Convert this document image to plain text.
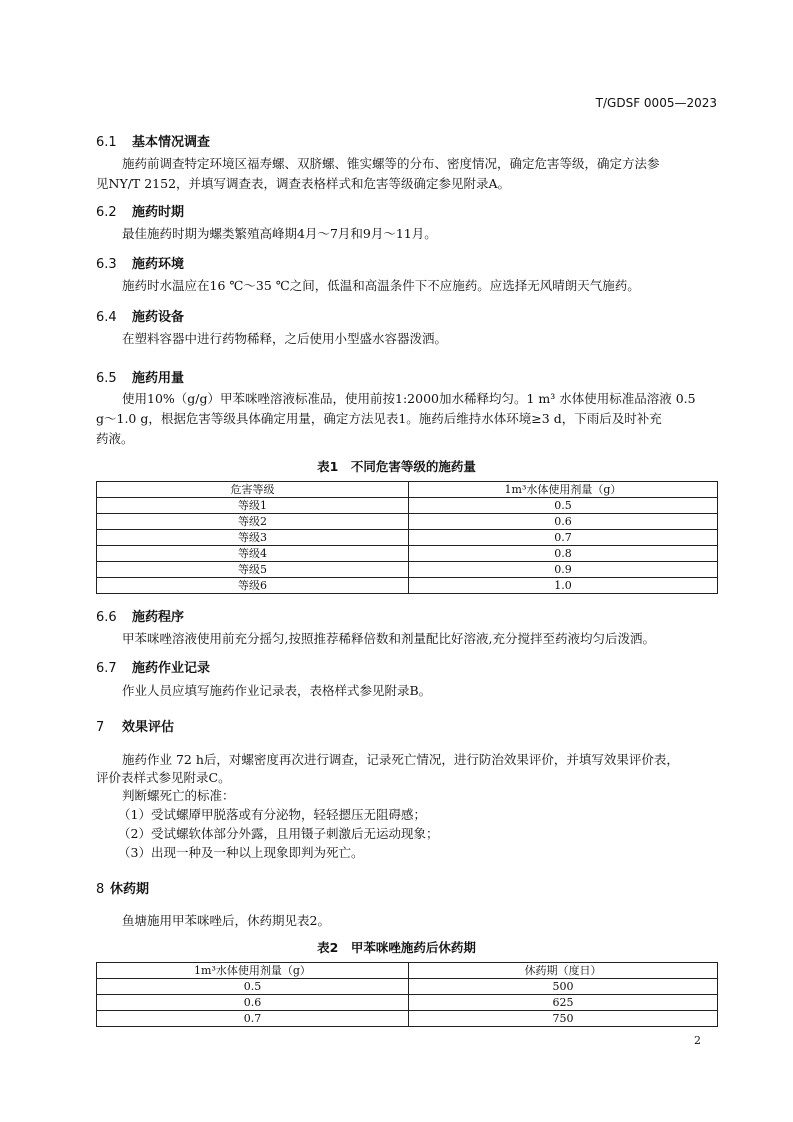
T/GDSF 0005—2023
6.1 基本情况调查
施药前调查特定环境区福寿螺、双脐螺、锥实螺等的分布、密度情况，确定危害等级，确定方法参
见NY/T 2152，并填写调查表，调查表格样式和危害等级确定参见附录A。
6.2 施药时期
最佳施药时期为螺类繁殖高峰期4月～7月和9月～11月。
6.3 施药环境
施药时水温应在16 ℃～35 ℃之间，低温和高温条件下不应施药。应选择无风晴朗天气施药。
6.4 施药设备
在塑料容器中进行药物稀释，之后使用小型盛水容器泼洒。
6.5 施药用量
使用10%（g/g）甲苯咪唑溶液标准品，使用前按1:2000加水稀释均匀。1 m³ 水体使用标准品溶液 0.5
g～1.0 g，根据危害等级具体确定用量，确定方法见表1。施药后维持水体环境≥3 d，下雨后及时补充
药液。
表1　不同危害等级的施药量
危害等级	1m³水体使用剂量（g）
等级1	0.5
等级2	0.6
等级3	0.7
等级4	0.8
等级5	0.9
等级6	1.0
6.6 施药程序
甲苯咪唑溶液使用前充分摇匀,按照推荐稀释倍数和剂量配比好溶液,充分搅拌至药液均匀后泼洒。
6.7 施药作业记录
作业人员应填写施药作业记录表，表格样式参见附录B。
7 效果评估
施药作业 72 h后，对螺密度再次进行调查，记录死亡情况，进行防治效果评价，并填写效果评价表，
评价表样式参见附录C。
判断螺死亡的标准：
（1）受试螺厣甲脱落或有分泌物，轻轻摁压无阻碍感；
（2）受试螺软体部分外露，且用镊子刺激后无运动现象；
（3）出现一种及一种以上现象即判为死亡。
8 休药期
鱼塘施用甲苯咪唑后，休药期见表2。
表2　甲苯咪唑施药后休药期
1m³水体使用剂量（g）	休药期（度日）
0.5	500
0.6	625
0.7	750
2
